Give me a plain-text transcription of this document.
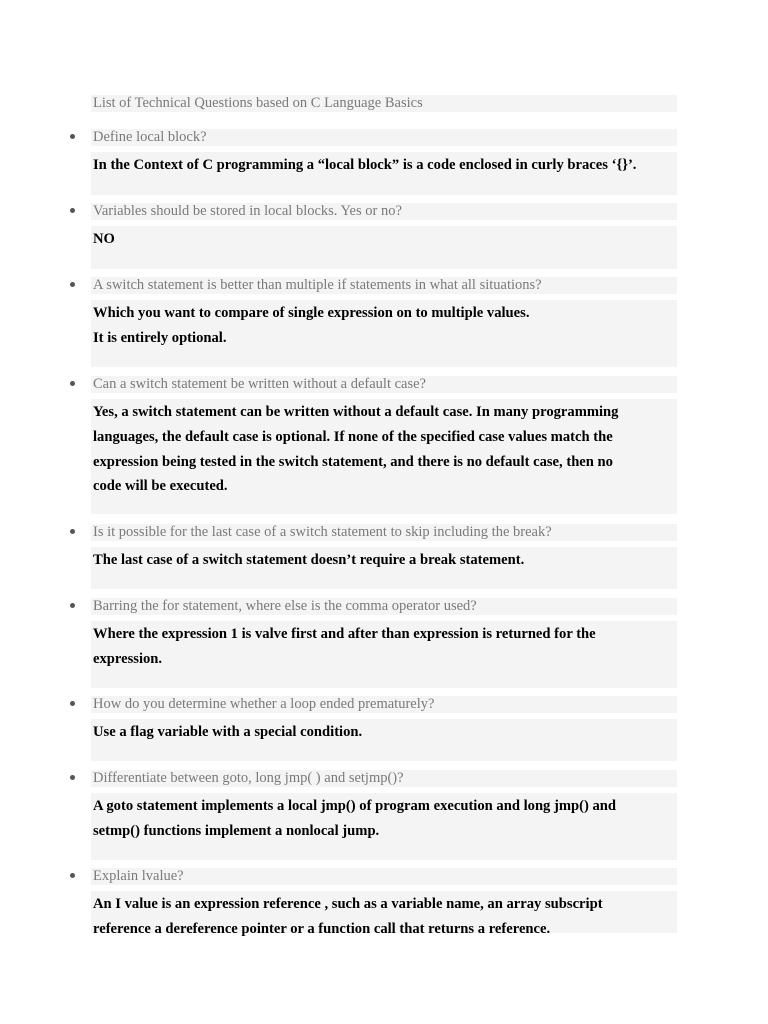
List of Technical Questions based on C Language Basics
Define local block?
In the Context of C programming a “local block” is a code enclosed in curly braces ‘{}’.
Variables should be stored in local blocks. Yes or no?
NO
A switch statement is better than multiple if statements in what all situations?
Which you want to compare of single expression on to multiple values.
It is entirely optional.
Can a switch statement be written without a default case?
Yes, a switch statement can be written without a default case. In many programming
languages, the default case is optional. If none of the specified case values match the
expression being tested in the switch statement, and there is no default case, then no
code will be executed.
Is it possible for the last case of a switch statement to skip including the break?
The last case of a switch statement doesn’t require a break statement.
Barring the for statement, where else is the comma operator used?
Where the expression 1 is valve first and after than expression is returned for the
expression.
How do you determine whether a loop ended prematurely?
Use a flag variable with a special condition.
Differentiate between goto, long jmp( ) and setjmp()?
A goto statement implements a local jmp() of program execution and long jmp() and
setmp() functions implement a nonlocal jump.
Explain lvalue?
An I value is an expression reference , such as a variable name, an array subscript
reference a dereference pointer or a function call that returns a reference.
